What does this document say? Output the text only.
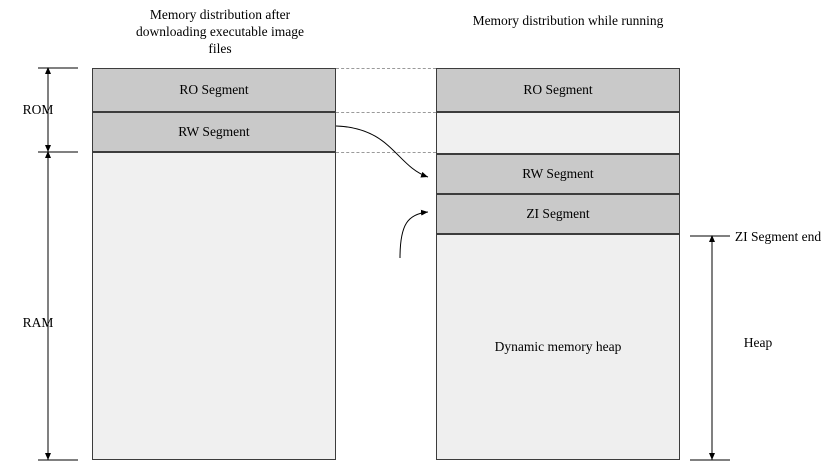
Memory distribution after downloading executable image files
Memory distribution while running
RO Segment
RW Segment
RO Segment
RW Segment
ZI Segment
Dynamic memory heap
ROM
RAM
ZI Segment end
Heap
